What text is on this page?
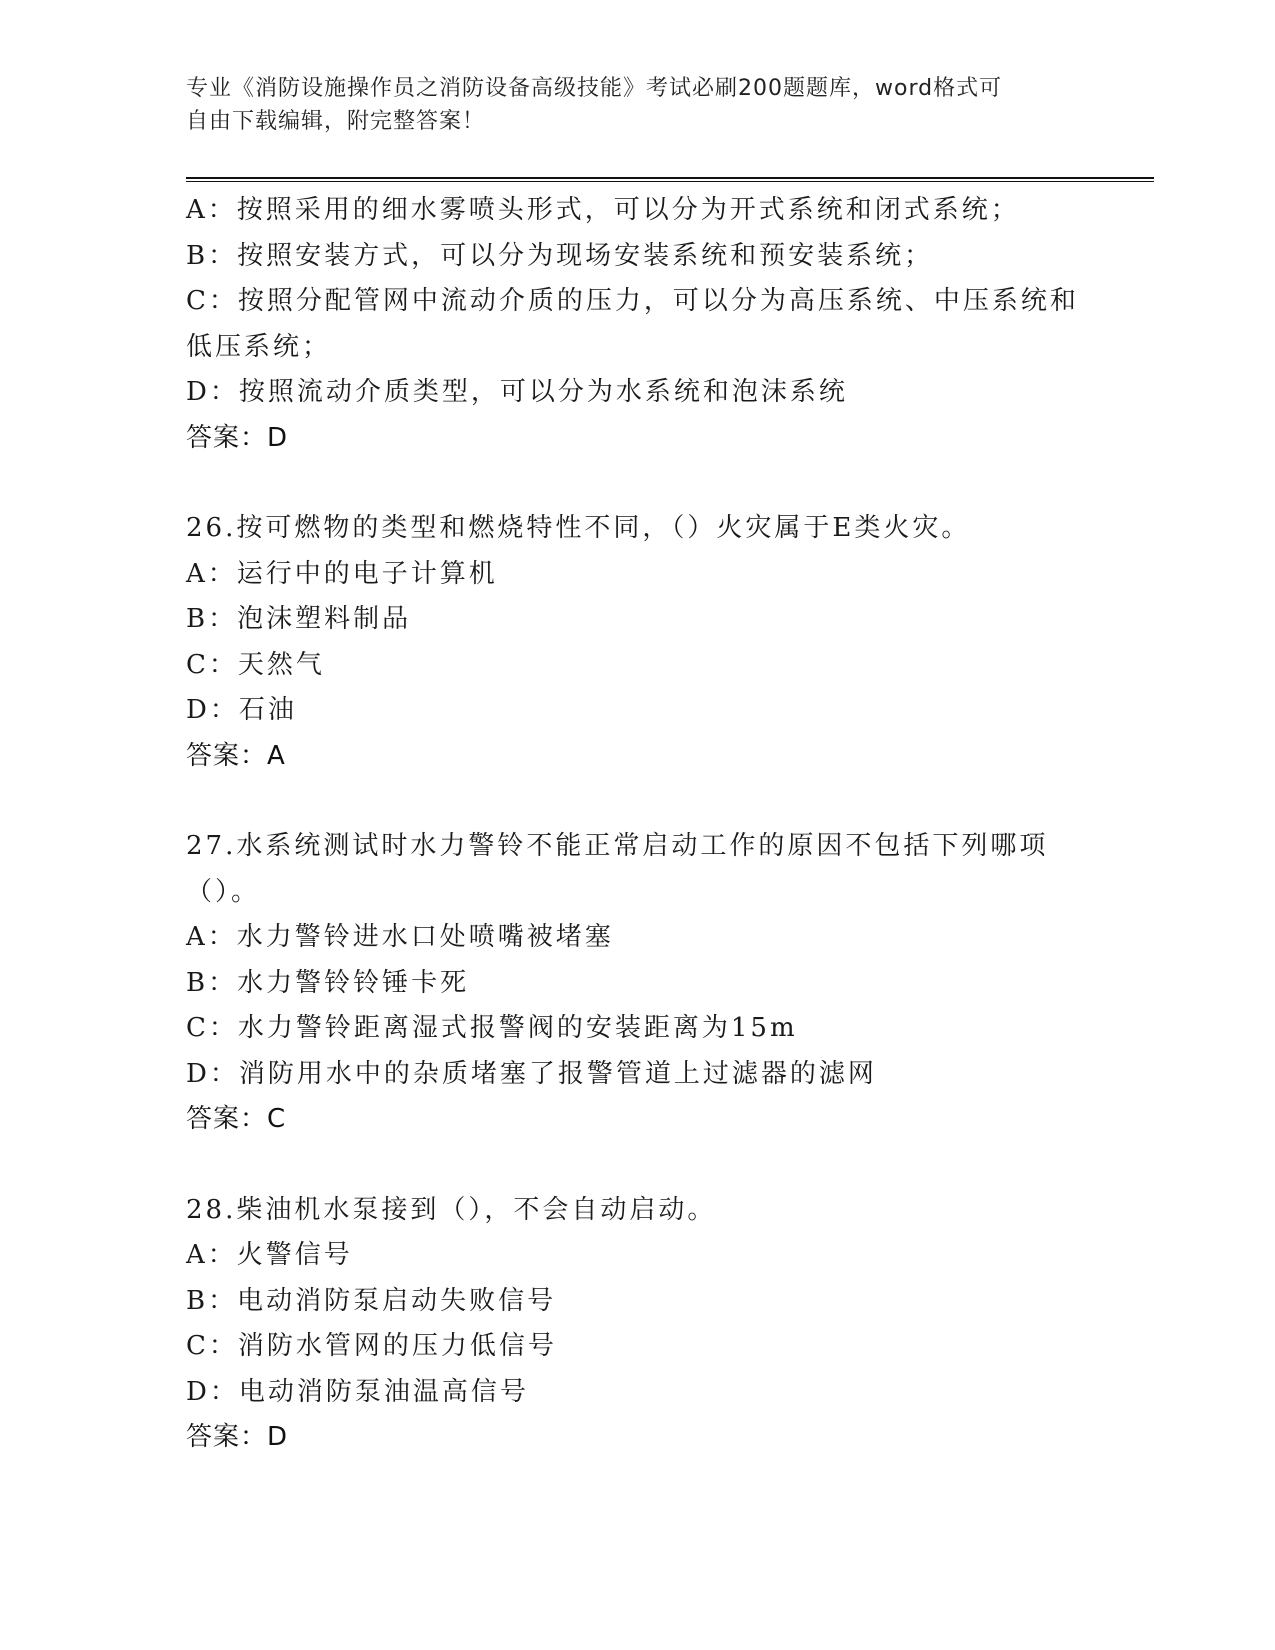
专业《消防设施操作员之消防设备高级技能》考试必刷200题题库，word格式可
自由下载编辑，附完整答案！
A：按照采用的细水雾喷头形式，可以分为开式系统和闭式系统；
B：按照安装方式，可以分为现场安装系统和预安装系统；
C：按照分配管网中流动介质的压力，可以分为高压系统、中压系统和低压系统；
D：按照流动介质类型，可以分为水系统和泡沫系统
答案：D
26.按可燃物的类型和燃烧特性不同，（）火灾属于E类火灾。
A：运行中的电子计算机
B：泡沫塑料制品
C：天然气
D：石油
答案：A
27.水系统测试时水力警铃不能正常启动工作的原因不包括下列哪项（）。
A：水力警铃进水口处喷嘴被堵塞
B：水力警铃铃锤卡死
C：水力警铃距离湿式报警阀的安装距离为15m
D：消防用水中的杂质堵塞了报警管道上过滤器的滤网
答案：C
28.柴油机水泵接到（），不会自动启动。
A：火警信号
B：电动消防泵启动失败信号
C：消防水管网的压力低信号
D：电动消防泵油温高信号
答案：D
